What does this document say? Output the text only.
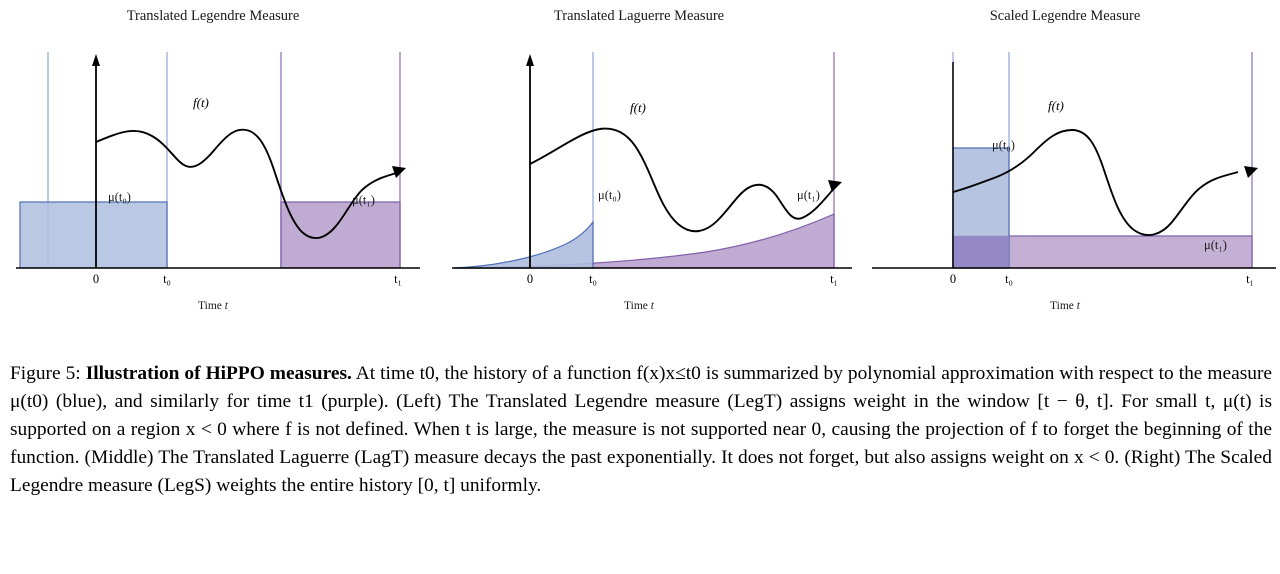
Translated Legendre Measure
f(t)
μ(t₀)	μ(t₁)
0	t₀	t₁
Time t
Translated Laguerre Measure
f(t)
μ(t₀)	μ(t₁)
0	t₀	t₁
Time t
Scaled Legendre Measure
f(t)
μ(t₀)
μ(t₁)
0	t₀	t₁
Time t
Figure 5: Illustration of HiPPO measures. At time t0, the history of a function f(x)x≤t0 is summarized by polynomial approximation with respect to the measure μ(t0) (blue), and similarly for time t1 (purple). (Left) The Translated Legendre measure (LegT) assigns weight in the window [t − θ, t]. For small t, μ(t) is supported on a region x < 0 where f is not defined. When t is large, the measure is not supported near 0, causing the projection of f to forget the beginning of the function. (Middle) The Translated Laguerre (LagT) measure decays the past exponentially. It does not forget, but also assigns weight on x < 0. (Right) The Scaled Legendre measure (LegS) weights the entire history [0, t] uniformly.
